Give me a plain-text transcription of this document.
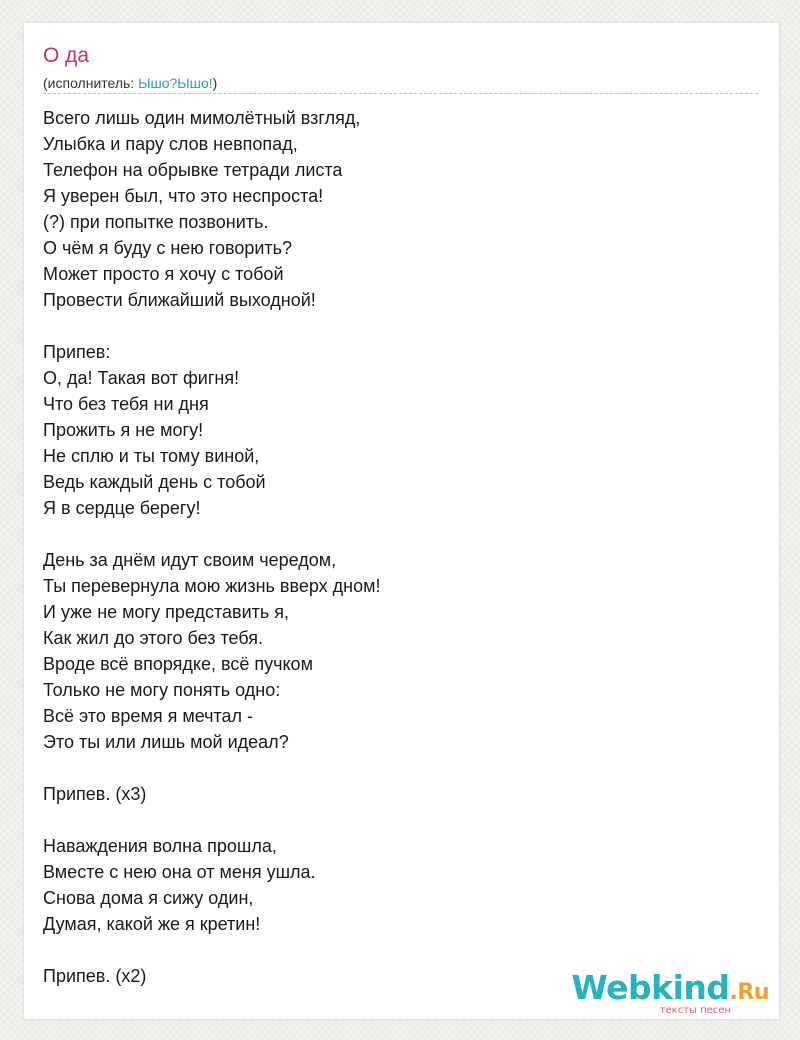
О да
(исполнитель: Ышо?Ышо!)
Всего лишь один мимолётный взгляд,
Улыбка и пару слов невпопад,
Телефон на обрывке тетради листа
Я уверен был, что это неспроста!
(?) при попытке позвонить.
О чём я буду с нею говорить?
Может просто я хочу с тобой
Провести ближайший выходной!
Припев:
О, да! Такая вот фигня!
Что без тебя ни дня
Прожить я не могу!
Не сплю и ты тому виной,
Ведь каждый день с тобой
Я в сердце берегу!
День за днём идут своим чередом,
Ты перевернула мою жизнь вверх дном!
И уже не могу представить я,
Как жил до этого без тебя.
Вроде всё впорядке, всё пучком
Только не могу понять одно:
Всё это время я мечтал -
Это ты или лишь мой идеал?
Припев. (x3)
Наваждения волна прошла,
Вместе с нею она от меня ушла.
Снова дома я сижу один,
Думая, какой же я кретин!
Припев. (x2)	Webkind.Ru
тексты песен
